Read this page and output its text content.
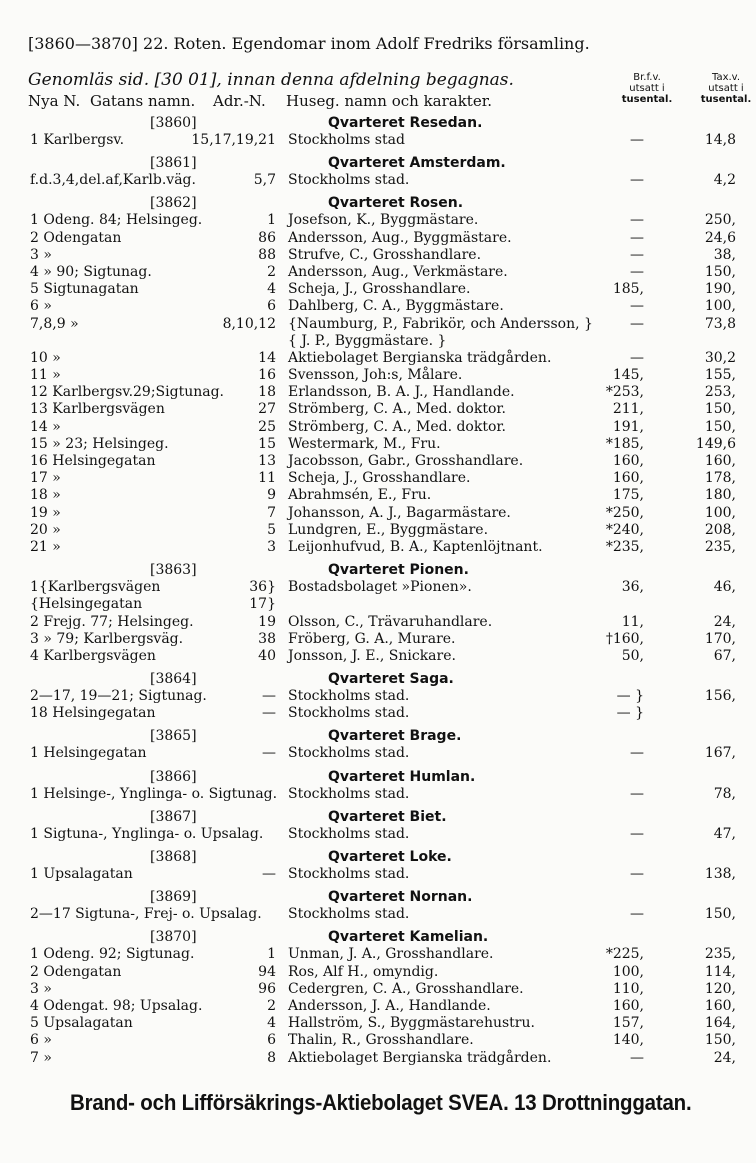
[3860—3870] 22. Roten. Egendomar inom Adolf Fredriks församling.
Genomläs sid. [30 01], innan denna afdelning begagnas.
Nya N. Gatans namn. Adr.-N. Huseg. namn och karakter.
Br.f.v.
utsatt i
tusental.
Tax.v.
utsatt i
tusental.
[3860]	Qvarteret Resedan.
1 Karlbergsv.	15,17,19,21 Stockholms stad	—	14,8
[3861]	Qvarteret Amsterdam.
f.d.3,4,del.af,Karlb.väg.	5,7 Stockholms stad.	—	4,2
[3862]	Qvarteret Rosen.
1 Odeng. 84; Helsingeg.	1 Josefson, K., Byggmästare.	—	250,
2 Odengatan	86 Andersson, Aug., Byggmästare.	—	24,6
3 »	88 Strufve, C., Grosshandlare.	—	38,
4 » 90; Sigtunag.	2 Andersson, Aug., Verkmästare.	—	150,
5 Sigtunagatan	4 Scheja, J., Grosshandlare.	185,	190,
6 »	6 Dahlberg, C. A., Byggmästare.	—	100,
7,8,9 »	8,10,12 {Naumburg, P., Fabrikör, och Andersson, }	—	73,8
{ J. P., Byggmästare. }
10 »	14 Aktiebolaget Bergianska trädgården.	—	30,2
11 »	16 Svensson, Joh:s, Målare.	145,	155,
12 Karlbergsv.29;Sigtunag. 18 Erlandsson, B. A. J., Handlande.	*253,	253,
13 Karlbergsvägen	27 Strömberg, C. A., Med. doktor.	211,	150,
14 »	25 Strömberg, C. A., Med. doktor.	191,	150,
15 » 23; Helsingeg.	15 Westermark, M., Fru.	*185,	149,6
16 Helsingegatan	13 Jacobsson, Gabr., Grosshandlare.	160,	160,
17 »	11 Scheja, J., Grosshandlare.	160,	178,
18 »	9 Abrahmsén, E., Fru.	175,	180,
19 »	7 Johansson, A. J., Bagarmästare.	*250,	100,
20 »	5 Lundgren, E., Byggmästare.	*240,	208,
21 »	3 Leijonhufvud, B. A., Kaptenlöjtnant.	*235,	235,
[3863]	Qvarteret Pionen.
1{Karlbergsvägen	36} Bostadsbolaget »Pionen».	36,	46,
{Helsingegatan	17}
2 Frejg. 77; Helsingeg.	19 Olsson, C., Trävaruhandlare.	11,	24,
3 » 79; Karlbergsväg.	38 Fröberg, G. A., Murare.	†160,	170,
4 Karlbergsvägen	40 Jonsson, J. E., Snickare.	50,	67,
[3864]	Qvarteret Saga.
2—17, 19—21; Sigtunag.	— Stockholms stad.	— }	156,
18 Helsingegatan	— Stockholms stad.	— }
[3865]	Qvarteret Brage.
1 Helsingegatan	— Stockholms stad.	—	167,
[3866]	Qvarteret Humlan.
1 Helsinge-, Ynglinga- o. Sigtunag. Stockholms stad.	—	78,
[3867]	Qvarteret Biet.
1 Sigtuna-, Ynglinga- o. Upsalag. Stockholms stad.	—	47,
[3868]	Qvarteret Loke.
1 Upsalagatan	— Stockholms stad.	—	138,
[3869]	Qvarteret Nornan.
2—17 Sigtuna-, Frej- o. Upsalag. Stockholms stad.	—	150,
[3870]	Qvarteret Kamelian.
1 Odeng. 92; Sigtunag.	1 Unman, J. A., Grosshandlare.	*225,	235,
2 Odengatan	94 Ros, Alf H., omyndig.	100,	114,
3 »	96 Cedergren, C. A., Grosshandlare.	110,	120,
4 Odengat. 98; Upsalag.	2 Andersson, J. A., Handlande.	160,	160,
5 Upsalagatan	4 Hallström, S., Byggmästarehustru.	157,	164,
6 »	6 Thalin, R., Grosshandlare.	140,	150,
7 »	8 Aktiebolaget Bergianska trädgården.	—	24,
Brand- och Lifförsäkrings-Aktiebolaget SVEA. 13 Drottninggatan.
